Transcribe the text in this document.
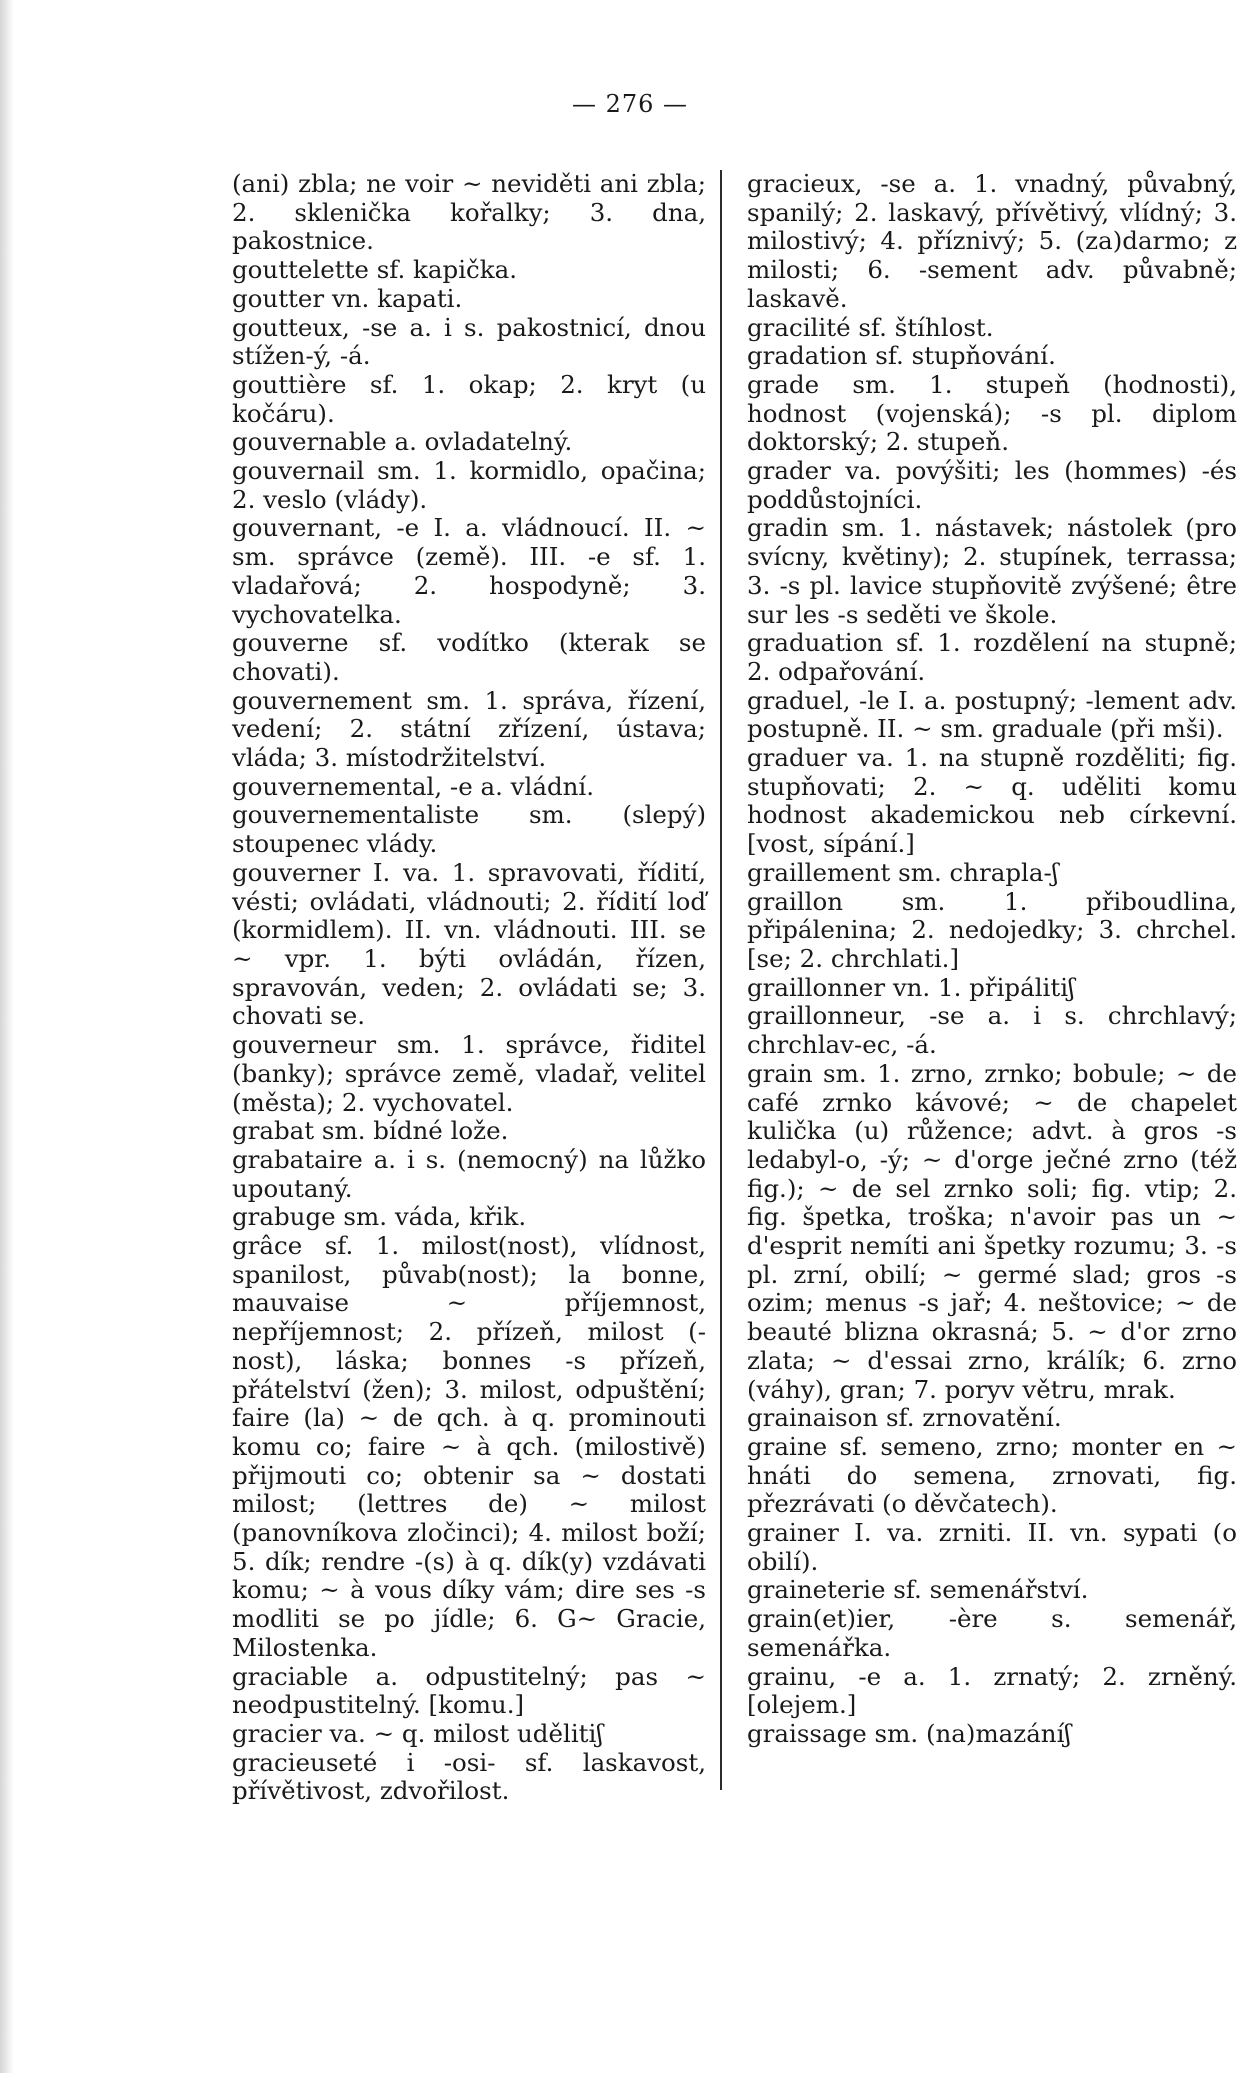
— 276 —

(ani) zbla; ne voir ~ neviděti ani zbla; 2. sklenička kořalky; 3. dna, pakostnice.

gouttelette sf. kapička.

goutter vn. kapati.

goutteux, -se a. i s. pakostnicí, dnou stížen-ý, -á.

gouttière sf. 1. okap; 2. kryt (u kočáru).

gouvernable a. ovladatelný.

gouvernail sm. 1. kormidlo, opačina; 2. veslo (vlády).

gouvernant, -e I. a. vládnoucí. II. ~ sm. správce (země). III. -e sf. 1. vladařová; 2. hospodyně; 3. vychovatelka.

gouverne sf. vodítko (kterak se chovati).

gouvernement sm. 1. správa, řízení, vedení; 2. státní zřízení, ústava; vláda; 3. místodržitelství.

gouvernemental, -e a. vládní.

gouvernementaliste sm. (slepý) stoupenec vlády.

gouverner I. va. 1. spravovati, řídití, vésti; ovládati, vládnouti; 2. řídití loď (kormidlem). II. vn. vládnouti. III. se ~ vpr. 1. býti ovládán, řízen, spravován, veden; 2. ovládati se; 3. chovati se.

gouverneur sm. 1. správce, řiditel (banky); správce země, vladař, velitel (města); 2. vychovatel.

grabat sm. bídné lože.

grabataire a. i s. (nemocný) na lůžko upoutaný.

grabuge sm. váda, křik.

grâce sf. 1. milost(nost), vlídnost, spanilost, půvab(nost); la bonne, mauvaise ~ příjemnost, nepříjemnost; 2. přízeň, milost (-nost), láska; bonnes -s přízeň, přátelství (žen); 3. milost, odpuštění; faire (la) ~ de qch. à q. prominouti komu co; faire ~ à qch. (milostivě) přijmouti co; obtenir sa ~ dostati milost; (lettres de) ~ milost (panovníkova zločinci); 4. milost boží; 5. dík; rendre -(s) à q. dík(y) vzdávati komu; ~ à vous díky vám; dire ses -s modliti se po jídle; 6. G~ Gracie, Milostenka.

graciable a. odpustitelný; pas ~ neodpustitelný. [komu.]

gracier va. ~ q. milost udělitiʃ

gracieuseté i -osi- sf. laskavost, přívětivost, zdvořilost.

gracieux, -se a. 1. vnadný, půvabný, spanilý; 2. laskavý, přívětivý, vlídný; 3. milostivý; 4. příznivý; 5. (za)darmo; z milosti; 6. -sement adv. půvabně; laskavě.

gracilité sf. štíhlost.

gradation sf. stupňování.

grade sm. 1. stupeň (hodnosti), hodnost (vojenská); -s pl. diplom doktorský; 2. stupeň.

grader va. povýšiti; les (hommes) -és poddůstojníci.

gradin sm. 1. nástavek; nástolek (pro svícny, květiny); 2. stupínek, terrassa; 3. -s pl. lavice stupňovitě zvýšené; être sur les -s seděti ve škole.

graduation sf. 1. rozdělení na stupně; 2. odpařování.

graduel, -le I. a. postupný; -lement adv. postupně. II. ~ sm. graduale (při mši).

graduer va. 1. na stupně rozděliti; fig. stupňovati; 2. ~ q. uděliti komu hodnost akademickou neb církevní. [vost, sípání.]

graillement sm. chrapla-ʃ

graillon sm. 1. přiboudlina, připálenina; 2. nedojedky; 3. chrchel. [se; 2. chrchlati.]

graillonner vn. 1. připálitiʃ

graillonneur, -se a. i s. chrchlavý; chrchlav-ec, -á.

grain sm. 1. zrno, zrnko; bobule; ~ de café zrnko kávové; ~ de chapelet kulička (u) růžence; advt. à gros -s ledabyl-o, -ý; ~ d'orge ječné zrno (též fig.); ~ de sel zrnko soli; fig. vtip; 2. fig. špetka, troška; n'avoir pas un ~ d'esprit nemíti ani špetky rozumu; 3. -s pl. zrní, obilí; ~ germé slad; gros -s ozim; menus -s jař; 4. neštovice; ~ de beauté blizna okrasná; 5. ~ d'or zrno zlata; ~ d'essai zrno, králík; 6. zrno (váhy), gran; 7. poryv větru, mrak.

grainaison sf. zrnovatění.

graine sf. semeno, zrno; monter en ~ hnáti do semena, zrnovati, fig. přezrávati (o děvčatech).

grainer I. va. zrniti. II. vn. sypati (o obilí).

graineterie sf. semenářství.

grain(et)ier, -ère s. semenář, semenářka.

grainu, -e a. 1. zrnatý; 2. zrněný. [olejem.]

graissage sm. (na)mazáníʃ
